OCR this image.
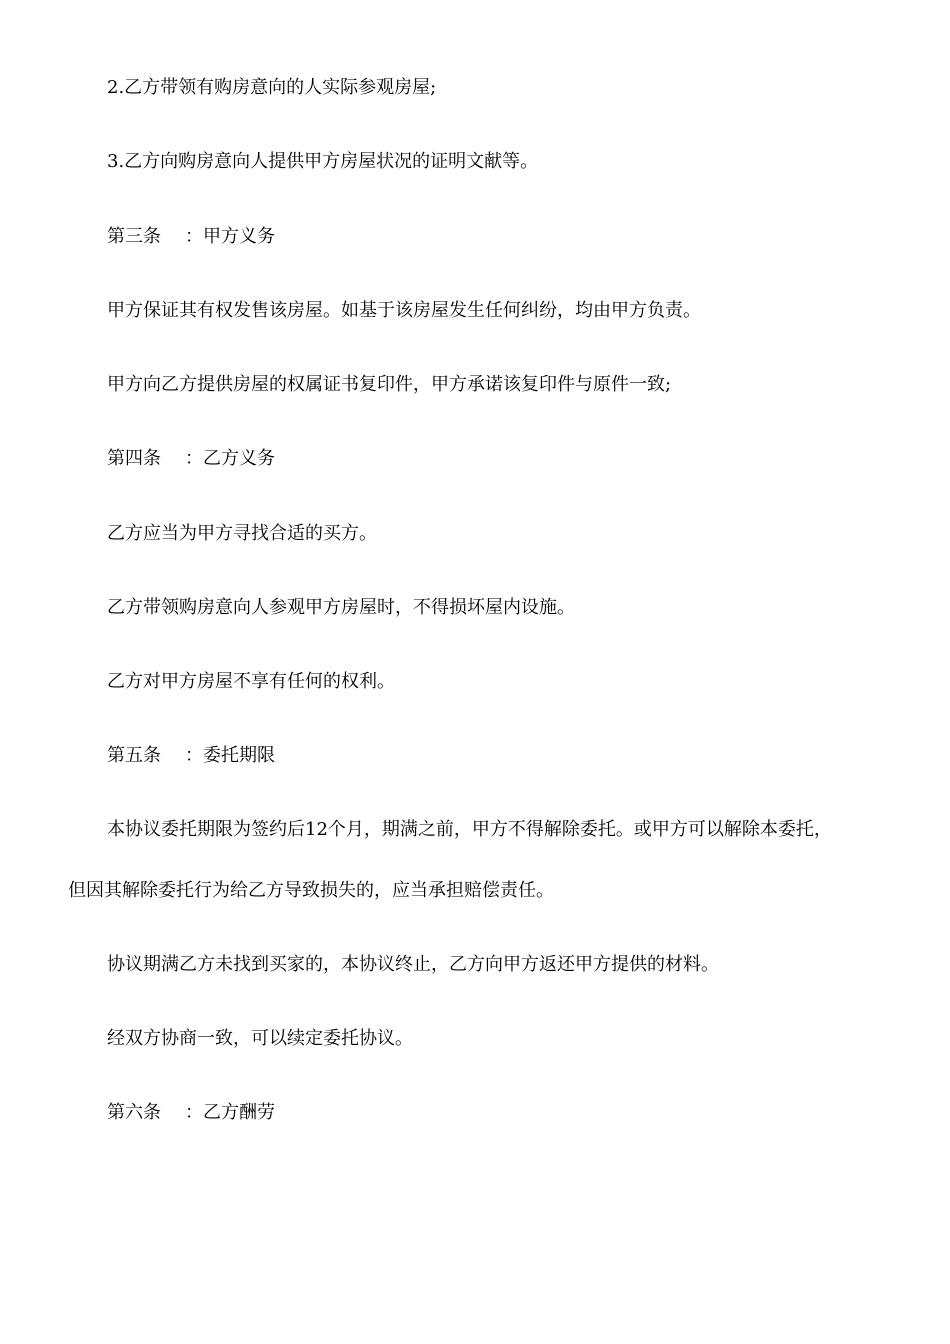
2.乙方带领有购房意向的人实际参观房屋;
3.乙方向购房意向人提供甲方房屋状况的证明文献等。
第三条 ：甲方义务
甲方保证其有权发售该房屋。如基于该房屋发生任何纠纷，均由甲方负责。
甲方向乙方提供房屋的权属证书复印件，甲方承诺该复印件与原件一致;
第四条 ：乙方义务
乙方应当为甲方寻找合适的买方。
乙方带领购房意向人参观甲方房屋时，不得损坏屋内设施。
乙方对甲方房屋不享有任何的权利。
第五条 ：委托期限
本协议委托期限为签约后12个月，期满之前，甲方不得解除委托。或甲方可以解除本委托，
但因其解除委托行为给乙方导致损失的，应当承担赔偿责任。
协议期满乙方未找到买家的，本协议终止，乙方向甲方返还甲方提供的材料。
经双方协商一致，可以续定委托协议。
第六条 ：乙方酬劳
